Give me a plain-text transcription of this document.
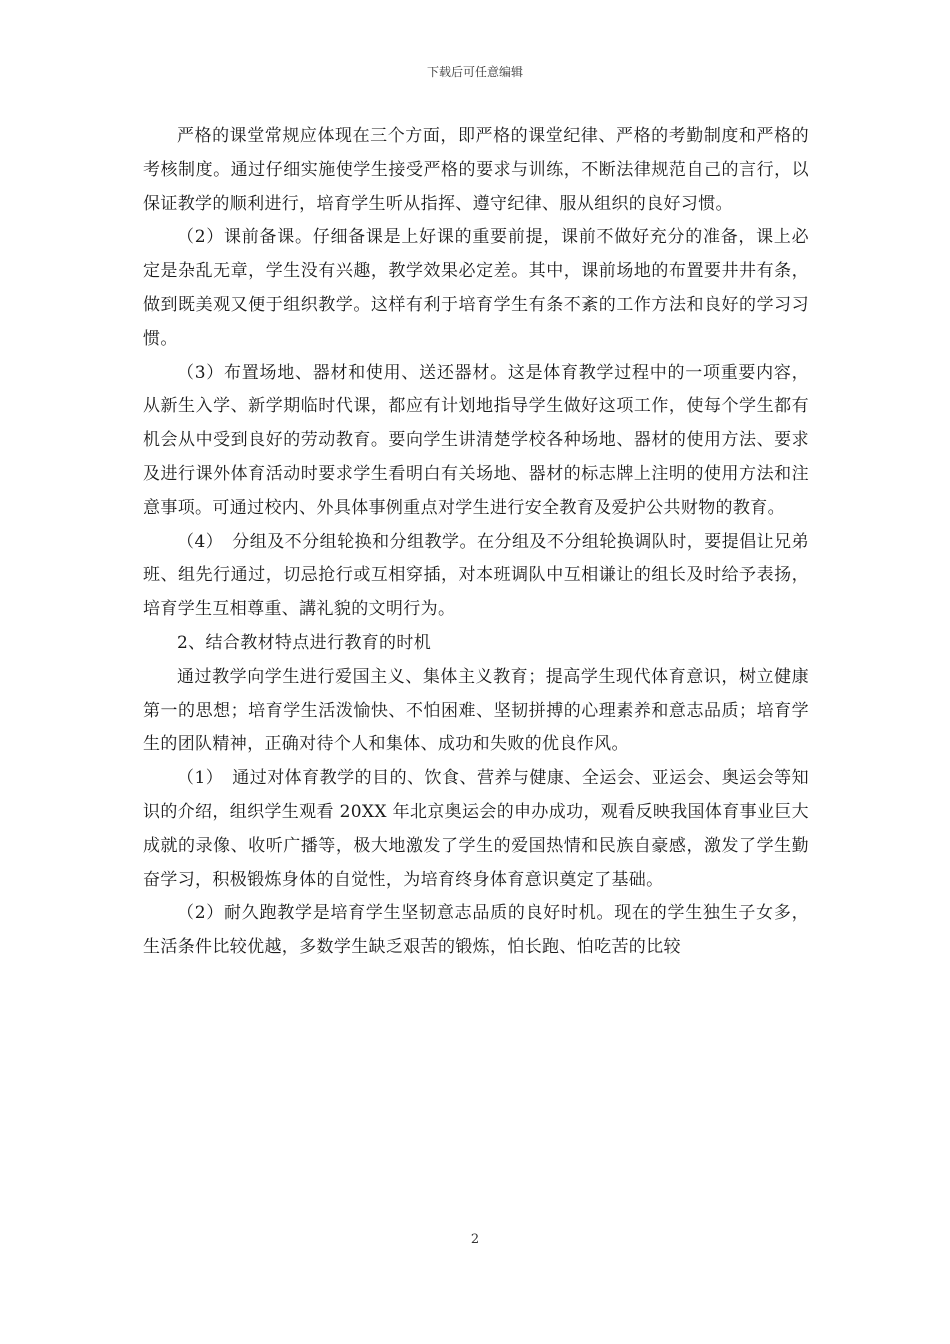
下载后可任意编辑

严格的课堂常规应体现在三个方面，即严格的课堂纪律、严格的考勤制度和严格的考核制度。通过仔细实施使学生接受严格的要求与训练，不断法律规范自己的言行，以保证教学的顺利进行，培育学生听从指挥、遵守纪律、服从组织的良好习惯。

（2）课前备课。仔细备课是上好课的重要前提，课前不做好充分的准备，课上必定是杂乱无章，学生没有兴趣，教学效果必定差。其中，课前场地的布置要井井有条，做到既美观又便于组织教学。这样有利于培育学生有条不紊的工作方法和良好的学习习惯。

（3）布置场地、器材和使用、送还器材。这是体育教学过程中的一项重要内容，从新生入学、新学期临时代课，都应有计划地指导学生做好这项工作，使每个学生都有机会从中受到良好的劳动教育。要向学生讲清楚学校各种场地、器材的使用方法、要求及进行课外体育活动时要求学生看明白有关场地、器材的标志牌上注明的使用方法和注意事项。可通过校内、外具体事例重点对学生进行安全教育及爱护公共财物的教育。

（4）　分组及不分组轮换和分组教学。在分组及不分组轮换调队时，要提倡让兄弟班、组先行通过，切忌抢行或互相穿插，对本班调队中互相谦让的组长及时给予表扬，培育学生互相尊重、講礼貌的文明行为。

2、结合教材特点进行教育的时机

通过教学向学生进行爱国主义、集体主义教育；提高学生现代体育意识，树立健康第一的思想；培育学生活泼愉快、不怕困难、坚韧拼搏的心理素养和意志品质；培育学生的团队精神，正确对待个人和集体、成功和失败的优良作风。

（1）　通过对体育教学的目的、饮食、营养与健康、全运会、亚运会、奥运会等知识的介绍，组织学生观看 20XX 年北京奥运会的申办成功，观看反映我国体育事业巨大成就的录像、收听广播等，极大地激发了学生的爱国热情和民族自豪感，激发了学生勤奋学习，积极锻炼身体的自觉性，为培育终身体育意识奠定了基础。

（2）耐久跑教学是培育学生坚韧意志品质的良好时机。现在的学生独生子女多，生活条件比较优越，多数学生缺乏艰苦的锻炼，怕长跑、怕吃苦的比较

2
